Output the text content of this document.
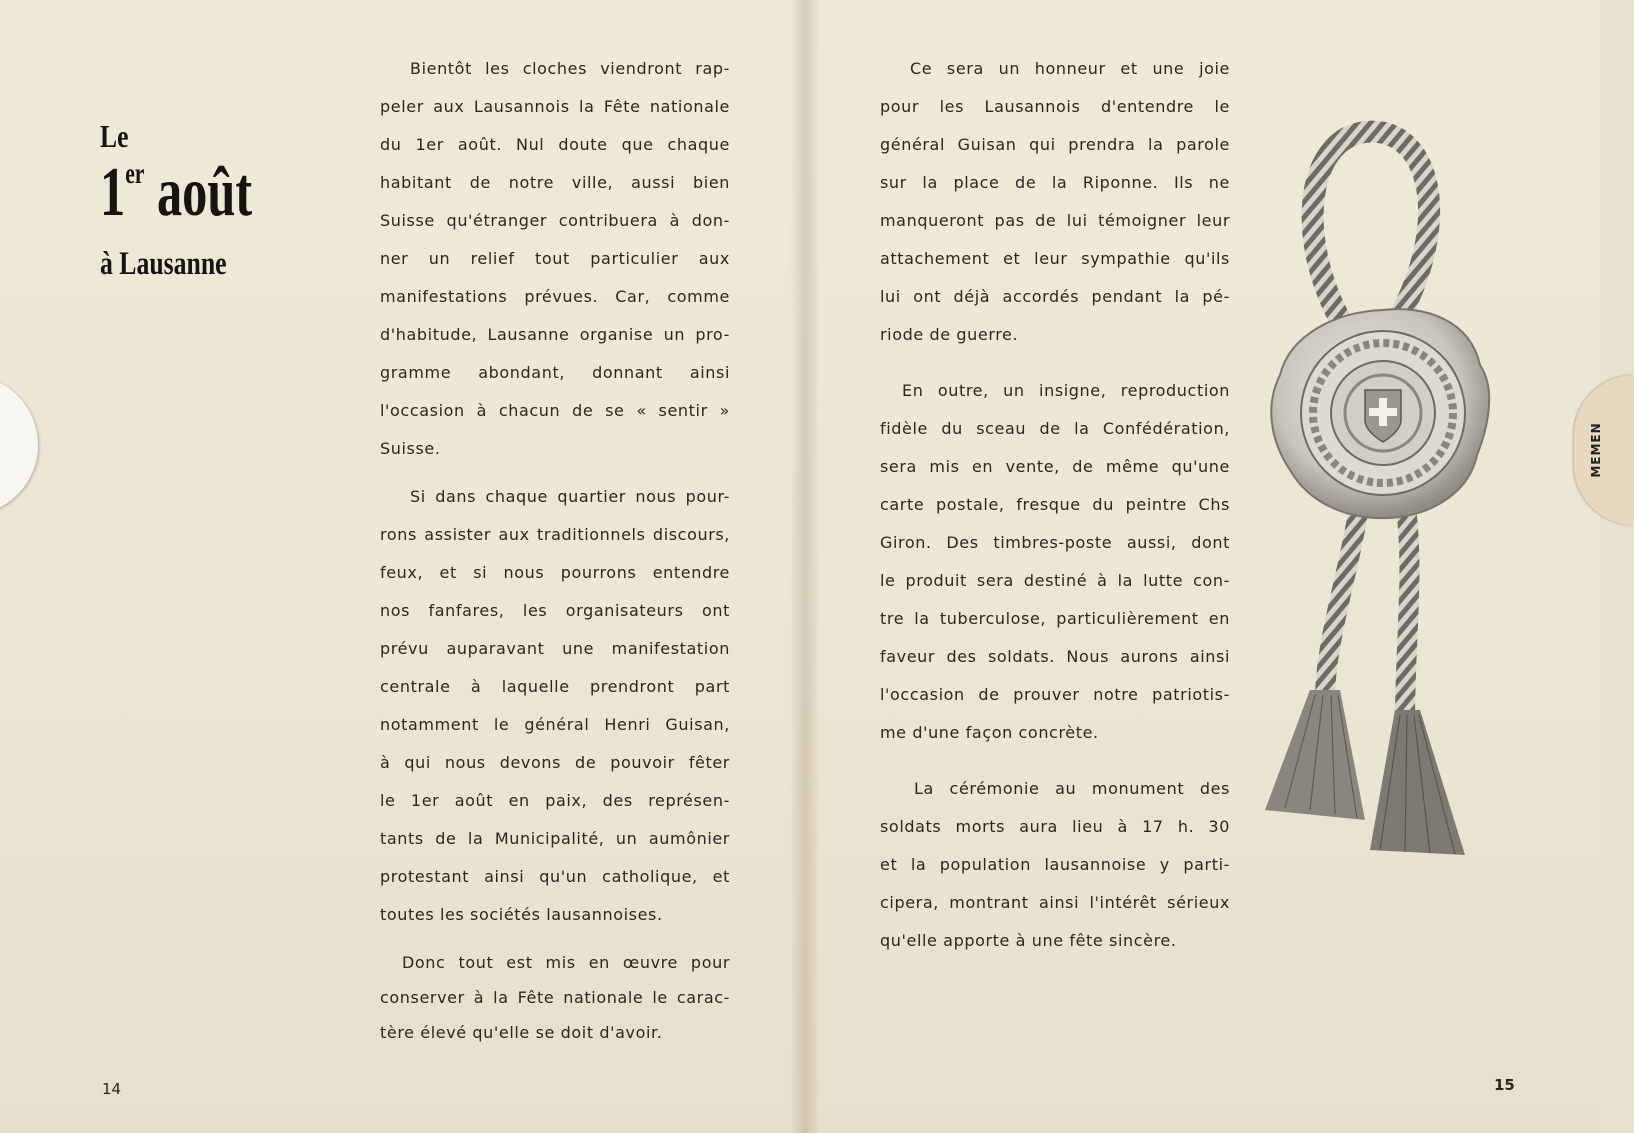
Le
1er août
à Lausanne
Bientôt les cloches viendront rap-
peler aux Lausannois la Fête nationale
du 1er août. Nul doute que chaque
habitant de notre ville, aussi bien
Suisse qu'étranger contribuera à don-
ner un relief tout particulier aux
manifestations prévues. Car, comme
d'habitude, Lausanne organise un pro-
gramme abondant, donnant ainsi
l'occasion à chacun de se « sentir »
Suisse.
Si dans chaque quartier nous pour-
rons assister aux traditionnels discours,
feux, et si nous pourrons entendre
nos fanfares, les organisateurs ont
prévu auparavant une manifestation
centrale à laquelle prendront part
notamment le général Henri Guisan,
à qui nous devons de pouvoir fêter
le 1er août en paix, des représen-
tants de la Municipalité, un aumônier
protestant ainsi qu'un catholique, et
toutes les sociétés lausannoises.
Donc tout est mis en œuvre pour
conserver à la Fête nationale le carac-
tère élevé qu'elle se doit d'avoir.
14
Ce sera un honneur et une joie
pour les Lausannois d'entendre le
général Guisan qui prendra la parole
sur la place de la Riponne. Ils ne
manqueront pas de lui témoigner leur
attachement et leur sympathie qu'ils
lui ont déjà accordés pendant la pé-
riode de guerre.
En outre, un insigne, reproduction
fidèle du sceau de la Confédération,
sera mis en vente, de même qu'une
carte postale, fresque du peintre Chs
Giron. Des timbres-poste aussi, dont
le produit sera destiné à la lutte con-
tre la tuberculose, particulièrement en
faveur des soldats. Nous aurons ainsi
l'occasion de prouver notre patriotis-
me d'une façon concrète.
La cérémonie au monument des
soldats morts aura lieu à 17 h. 30
et la population lausannoise y parti-
cipera, montrant ainsi l'intérêt sérieux
qu'elle apporte à une fête sincère.
15
MEMEN
